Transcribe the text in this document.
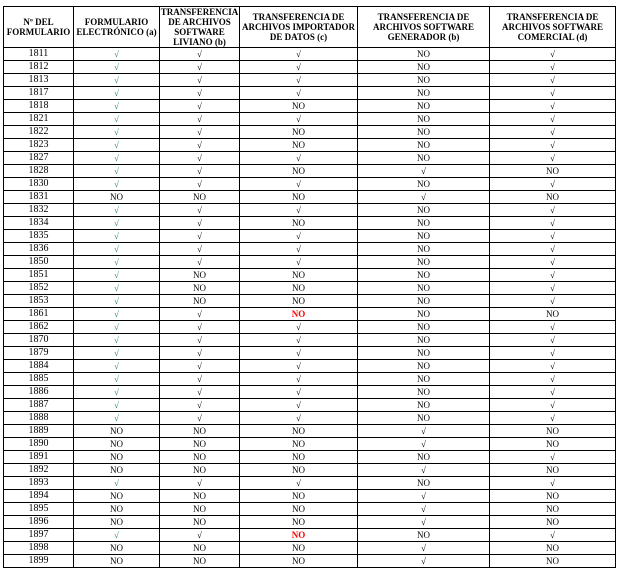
Nº DEL FORMULARIO	FORMULARIO ELECTRÓNICO (a)	TRANSFERENCIA DE ARCHIVOS SOFTWARE LIVIANO (b)	TRANSFERENCIA DE ARCHIVOS IMPORTADOR DE DATOS (c)	TRANSFERENCIA DE ARCHIVOS SOFTWARE GENERADOR (b)	TRANSFERENCIA DE ARCHIVOS SOFTWARE COMERCIAL (d)
1811	√	√	√	NO	√
1812	√	√	√	NO	√
1813	√	√	√	NO	√
1817	√	√	√	NO	√
1818	√	√	NO	NO	√
1821	√	√	√	NO	√
1822	√	√	NO	NO	√
1823	√	√	NO	NO	√
1827	√	√	√	NO	√
1828	√	√	NO	√	NO
1830	√	√	√	NO	√
1831	NO	NO	NO	√	NO
1832	√	√	√	NO	√
1834	√	√	NO	NO	√
1835	√	√	√	NO	√
1836	√	√	√	NO	√
1850	√	√	√	NO	√
1851	√	NO	NO	NO	√
1852	√	NO	NO	NO	√
1853	√	NO	NO	NO	√
1861	√	√	NO	NO	NO
1862	√	√	√	NO	√
1870	√	√	√	NO	√
1879	√	√	√	NO	√
1884	√	√	√	NO	√
1885	√	√	√	NO	√
1886	√	√	√	NO	√
1887	√	√	√	NO	√
1888	√	√	√	NO	√
1889	NO	NO	NO	√	NO
1890	NO	NO	NO	√	NO
1891	NO	NO	NO	NO	√
1892	NO	NO	NO	√	NO
1893	√	√	√	NO	√
1894	NO	NO	NO	√	NO
1895	NO	NO	NO	√	NO
1896	NO	NO	NO	√	NO
1897	√	√	NO	NO	√
1898	NO	NO	NO	√	NO
1899	NO	NO	NO	√	NO
